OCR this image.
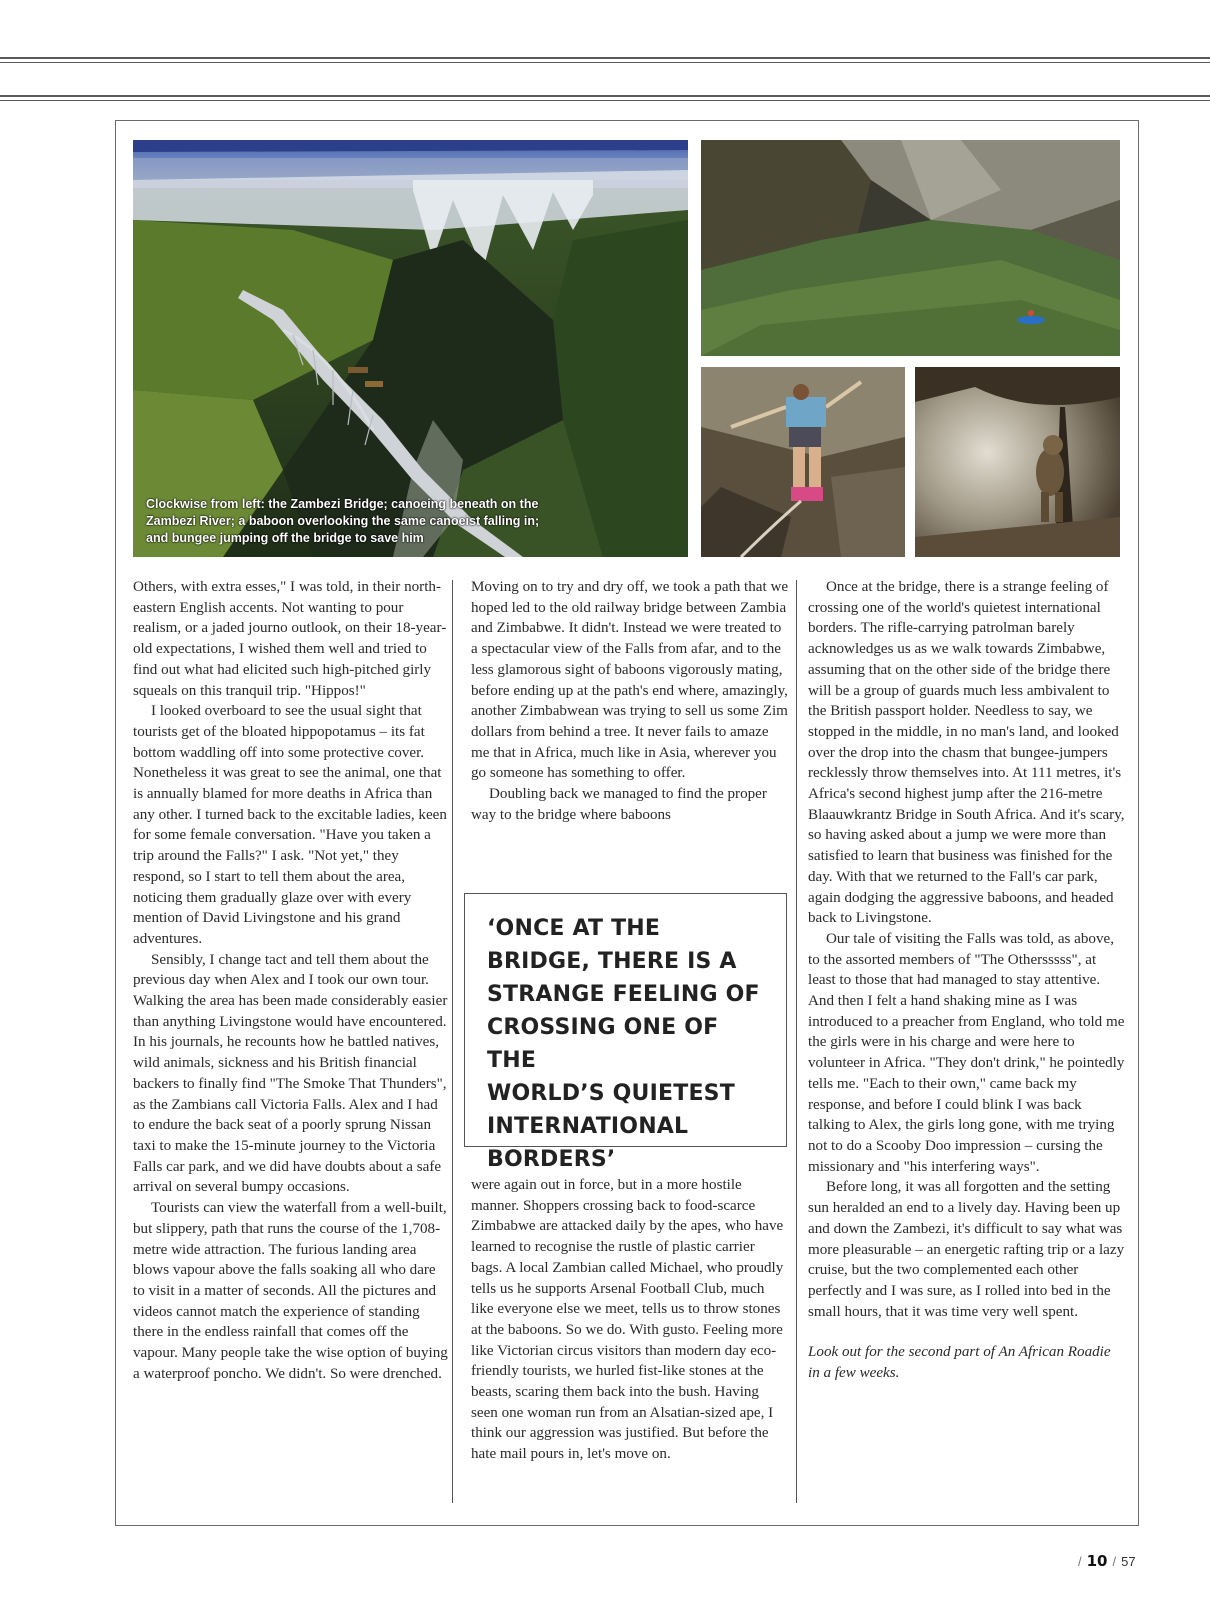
Clockwise from left: the Zambezi Bridge; canoeing beneath on the
Zambezi River; a baboon overlooking the same canoeist falling in;
and bungee jumping off the bridge to save him

Others, with extra esses," I was told, in their north-eastern English accents. Not wanting to pour realism, or a jaded journo outlook, on their 18-year-old expectations, I wished them well and tried to find out what had elicited such high-pitched girly squeals on this tranquil trip. "Hippos!"

I looked overboard to see the usual sight that tourists get of the bloated hippopotamus – its fat bottom waddling off into some protective cover. Nonetheless it was great to see the animal, one that is annually blamed for more deaths in Africa than any other. I turned back to the excitable ladies, keen for some female conversation. "Have you taken a trip around the Falls?" I ask. "Not yet," they respond, so I start to tell them about the area, noticing them gradually glaze over with every mention of David Livingstone and his grand adventures.

Sensibly, I change tact and tell them about the previous day when Alex and I took our own tour. Walking the area has been made considerably easier than anything Livingstone would have encountered. In his journals, he recounts how he battled natives, wild animals, sickness and his British financial backers to finally find "The Smoke That Thunders", as the Zambians call Victoria Falls. Alex and I had to endure the back seat of a poorly sprung Nissan taxi to make the 15-minute journey to the Victoria Falls car park, and we did have doubts about a safe arrival on several bumpy occasions.

Tourists can view the waterfall from a well-built, but slippery, path that runs the course of the 1,708-metre wide attraction. The furious landing area blows vapour above the falls soaking all who dare to visit in a matter of seconds. All the pictures and videos cannot match the experience of standing there in the endless rainfall that comes off the vapour. Many people take the wise option of buying a waterproof poncho. We didn't. So were drenched.

Moving on to try and dry off, we took a path that we hoped led to the old railway bridge between Zambia and Zimbabwe. It didn't. Instead we were treated to a spectacular view of the Falls from afar, and to the less glamorous sight of baboons vigorously mating, before ending up at the path's end where, amazingly, another Zimbabwean was trying to sell us some Zim dollars from behind a tree. It never fails to amaze me that in Africa, much like in Asia, wherever you go someone has something to offer.

Doubling back we managed to find the proper way to the bridge where baboons

‘ONCE AT THE
BRIDGE, THERE IS A
STRANGE FEELING OF
CROSSING ONE OF THE
WORLD’S QUIETEST
INTERNATIONAL
BORDERS’

were again out in force, but in a more hostile manner. Shoppers crossing back to food-scarce Zimbabwe are attacked daily by the apes, who have learned to recognise the rustle of plastic carrier bags. A local Zambian called Michael, who proudly tells us he supports Arsenal Football Club, much like everyone else we meet, tells us to throw stones at the baboons. So we do. With gusto. Feeling more like Victorian circus visitors than modern day eco-friendly tourists, we hurled fist-like stones at the beasts, scaring them back into the bush. Having seen one woman run from an Alsatian-sized ape, I think our aggression was justified. But before the hate mail pours in, let's move on.

Once at the bridge, there is a strange feeling of crossing one of the world's quietest international borders. The rifle-carrying patrolman barely acknowledges us as we walk towards Zimbabwe, assuming that on the other side of the bridge there will be a group of guards much less ambivalent to the British passport holder. Needless to say, we stopped in the middle, in no man's land, and looked over the drop into the chasm that bungee-jumpers recklessly throw themselves into. At 111 metres, it's Africa's second highest jump after the 216-metre Blaauwkrantz Bridge in South Africa. And it's scary, so having asked about a jump we were more than satisfied to learn that business was finished for the day. With that we returned to the Fall's car park, again dodging the aggressive baboons, and headed back to Livingstone.

Our tale of visiting the Falls was told, as above, to the assorted members of "The Othersssss", at least to those that had managed to stay attentive. And then I felt a hand shaking mine as I was introduced to a preacher from England, who told me the girls were in his charge and were here to volunteer in Africa. "They don't drink," he pointedly tells me. "Each to their own," came back my response, and before I could blink I was back talking to Alex, the girls long gone, with me trying not to do a Scooby Doo impression – cursing the missionary and "his interfering ways".

Before long, it was all forgotten and the setting sun heralded an end to a lively day. Having been up and down the Zambezi, it's difficult to say what was more pleasurable – an energetic rafting trip or a lazy cruise, but the two complemented each other perfectly and I was sure, as I rolled into bed in the small hours, that it was time very well spent.

Look out for the second part of An African Roadie in a few weeks.

/ 10 / 57
